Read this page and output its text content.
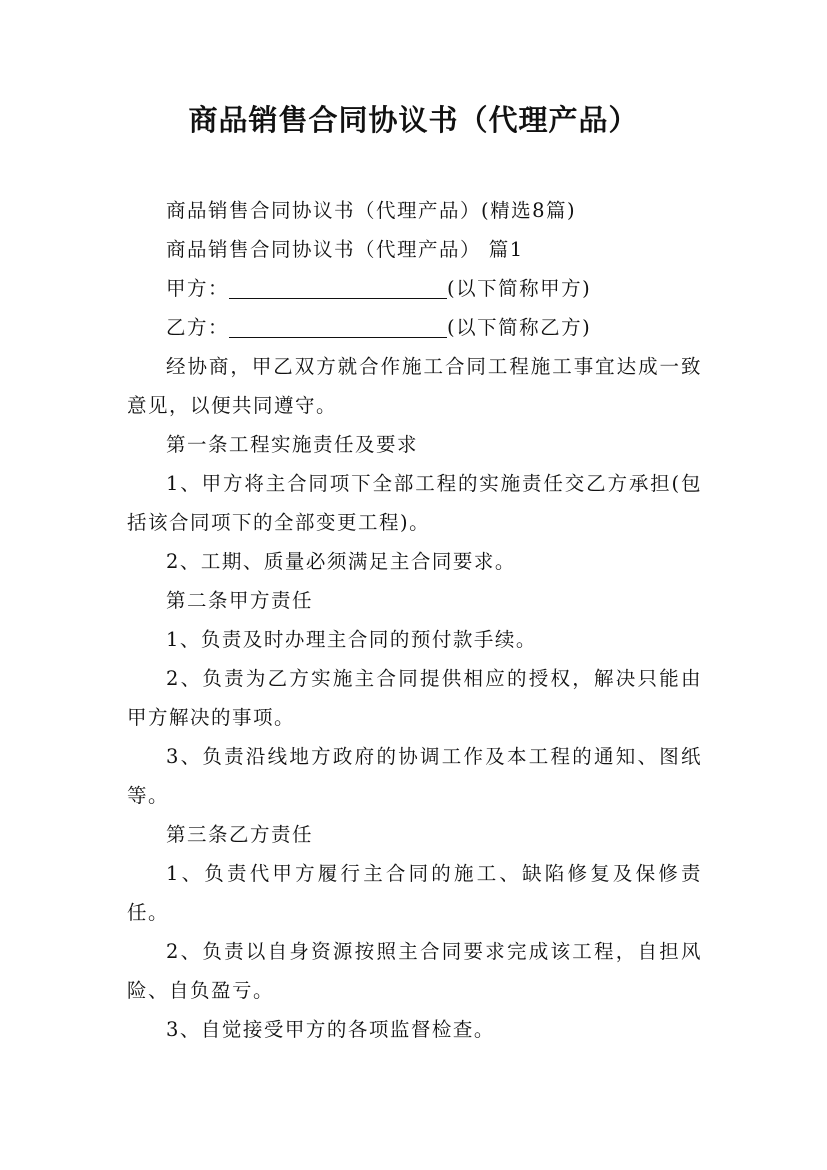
商品销售合同协议书（代理产品）

商品销售合同协议书（代理产品）(精选8篇)

商品销售合同协议书（代理产品） 篇1

甲方：	(以下简称甲方)

乙方：	(以下简称乙方)

经协商，甲乙双方就合作施工合同工程施工事宜达成一致意见，以便共同遵守。

第一条工程实施责任及要求

1、甲方将主合同项下全部工程的实施责任交乙方承担(包括该合同项下的全部变更工程)。

2、工期、质量必须满足主合同要求。

第二条甲方责任

1、负责及时办理主合同的预付款手续。

2、负责为乙方实施主合同提供相应的授权，解决只能由甲方解决的事项。

3、负责沿线地方政府的协调工作及本工程的通知、图纸等。

第三条乙方责任

1、负责代甲方履行主合同的施工、缺陷修复及保修责任。

2、负责以自身资源按照主合同要求完成该工程，自担风险、自负盈亏。

3、自觉接受甲方的各项监督检查。
